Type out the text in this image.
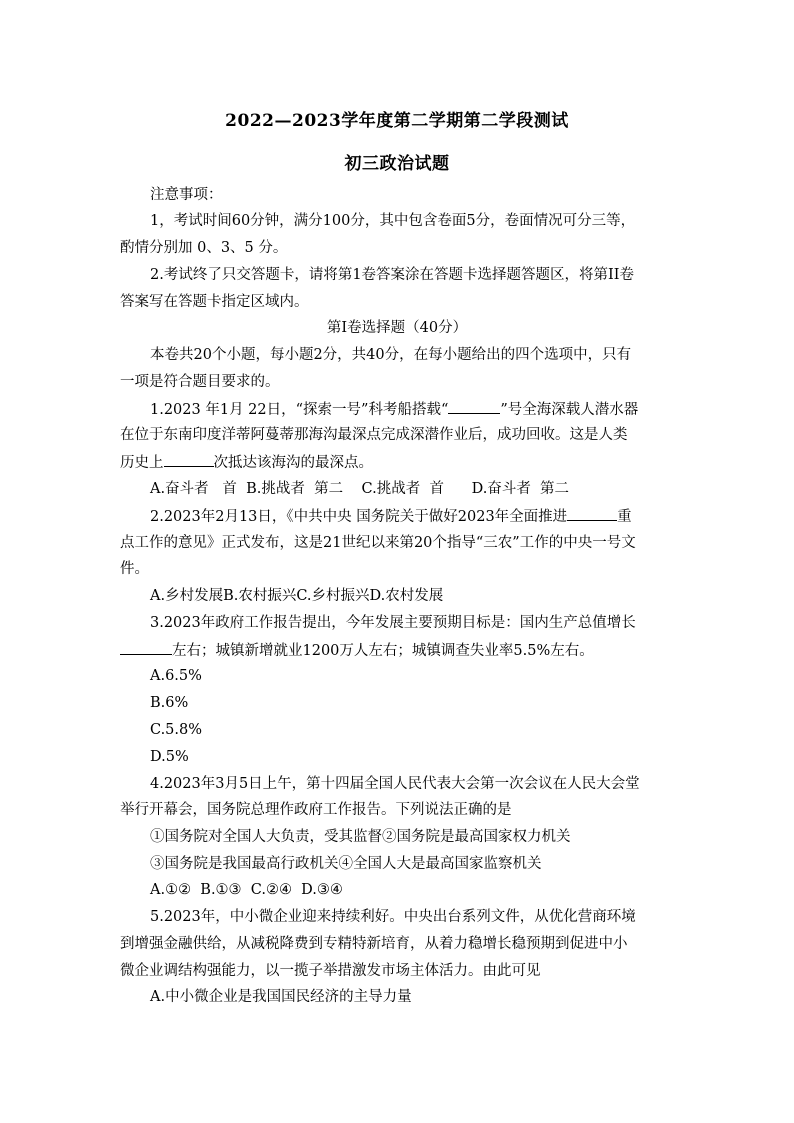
2022—2023学年度第二学期第二学段测试
初三政治试题
注意事项：
1，考试时间60分钟，满分100分，其中包含卷面5分，卷面情况可分三等，
酌情分别加 0、3、5 分。
2.考试终了只交答题卡，请将第1卷答案涂在答题卡选择题答题区，将第II卷
答案写在答题卡指定区域内。
第I卷选择题（40分）
本卷共20个小题，每小题2分，共40分，在每小题给出的四个选项中，只有
一项是符合题目要求的。
1.2023 年1月 22日，“探索一号”科考船搭载“	”号全海深载人潜水器
在位于东南印度洋蒂阿蔓蒂那海沟最深点完成深潜作业后，成功回收。这是人类
历史上	次抵达该海沟的最深点。
A.奋斗者   首  B.挑战者  第二    C.挑战者  首      D.奋斗者  第二
2.2023年2月13日，《中共中央 国务院关于做好2023年全面推进	重
点工作的意见》正式发布，这是21世纪以来第20个指导“三农”工作的中央一号文
件。
A.乡村发展B.农村振兴C.乡村振兴D.农村发展
3.2023年政府工作报告提出，今年发展主要预期目标是：国内生产总值增长
左右；城镇新增就业1200万人左右；城镇调查失业率5.5%左右。
A.6.5%
B.6%
C.5.8%
D.5%
4.2023年3月5日上午，第十四届全国人民代表大会第一次会议在人民大会堂
举行开幕会，国务院总理作政府工作报告。下列说法正确的是
①国务院对全国人大负责，受其监督②国务院是最高国家权力机关
③国务院是我国最高行政机关④全国人大是最高国家监察机关
A.①②  B.①③  C.②④  D.③④
5.2023年，中小微企业迎来持续利好。中央出台系列文件，从优化营商环境
到增强金融供给，从减税降费到专精特新培育，从着力稳增长稳预期到促进中小
微企业调结构强能力，以一揽子举措激发市场主体活力。由此可见
A.中小微企业是我国国民经济的主导力量
